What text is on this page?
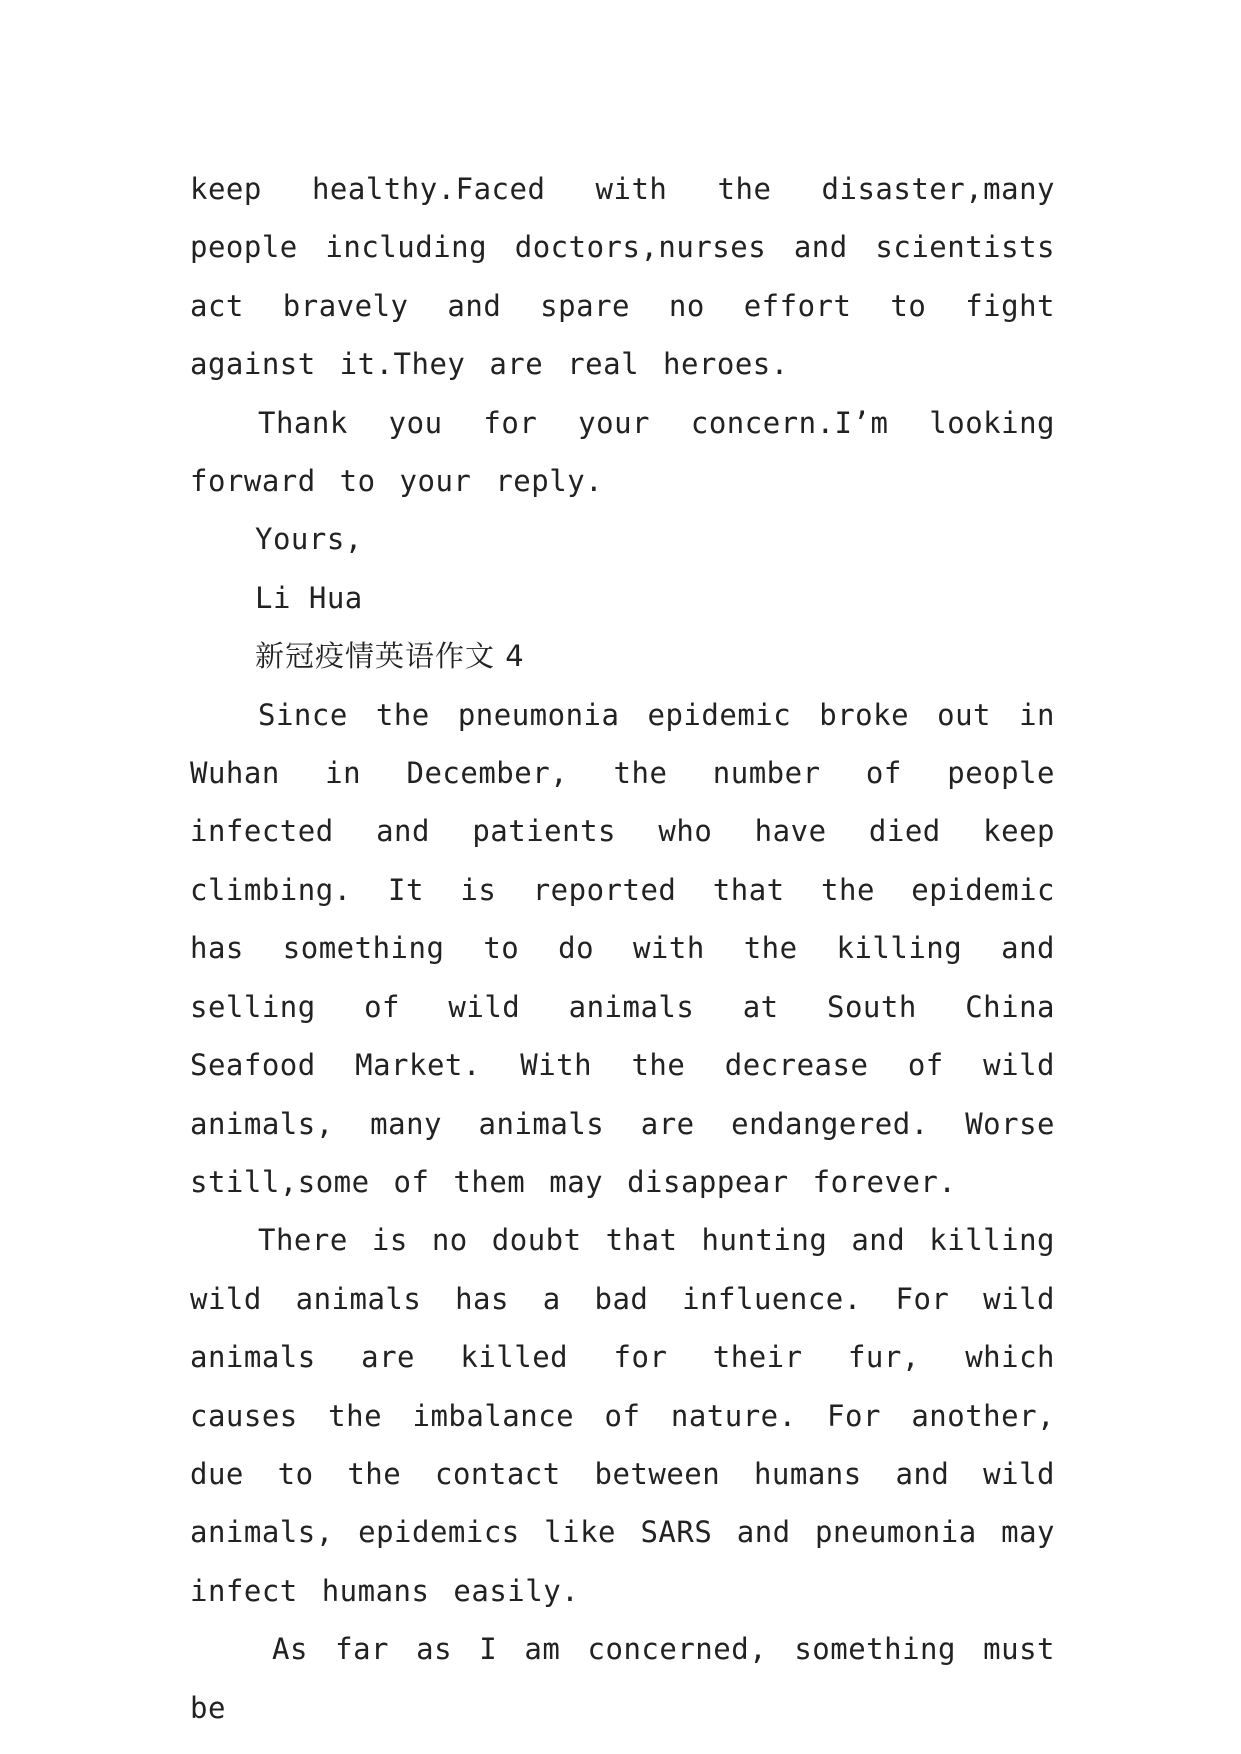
keep healthy.Faced with the disaster,many people including doctors,nurses and scientists act bravely and spare no effort to fight against it.They are real heroes.

Thank you for your concern.I’m looking forward to your reply.

Yours,

Li Hua

新冠疫情英语作文 4

Since the pneumonia epidemic broke out in Wuhan in December, the number of people infected and patients who have died keep climbing. It is reported that the epidemic has something to do with the killing and selling of wild animals at South China Seafood Market. With the decrease of wild animals, many animals are endangered. Worse still,some of them may disappear forever.

There is no doubt that hunting and killing wild animals has a bad influence. For wild animals are killed for their fur, which causes the imbalance of nature. For another, due to the contact between humans and wild animals, epidemics like SARS and pneumonia may infect humans easily.

As far as I am concerned, something must be
